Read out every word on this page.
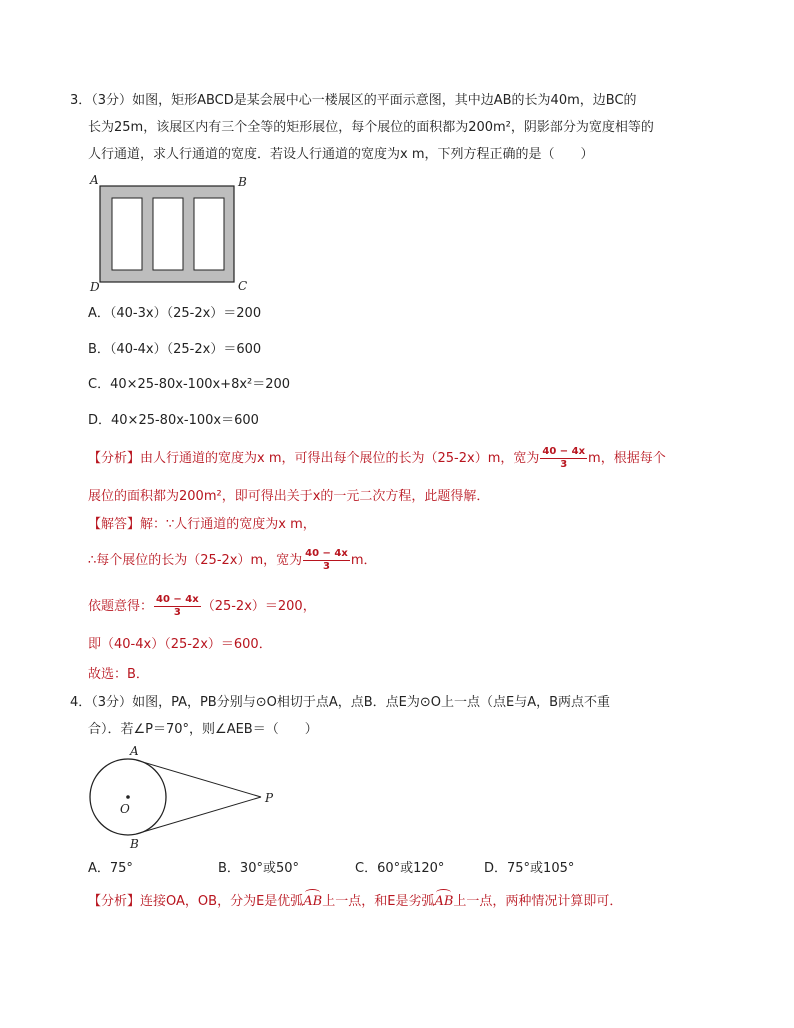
3．（3分）如图，矩形ABCD是某会展中心一楼展区的平面示意图，其中边AB的长为40m，边BC的
长为25m，该展区内有三个全等的矩形展位，每个展位的面积都为200m²，阴影部分为宽度相等的
人行通道，求人行通道的宽度．若设人行通道的宽度为x m，下列方程正确的是（　　）
A	B
D	C
A．（40-3x）（25-2x）＝200
B．（40-4x）（25-2x）＝600
C．40×25-80x-100x+8x²＝200
D．40×25-80x-100x＝600
【分析】由人行通道的宽度为x m，可得出每个展位的长为（25-2x）m，宽为 $\frac{40 - 4x}{3}$ m，根据每个
展位的面积都为200m²，即可得出关于x的一元二次方程，此题得解．
【解答】解：∵人行通道的宽度为x m，
∴每个展位的长为（25-2x）m，宽为 $\frac{40 - 4x}{3}$ m．
依题意得： $\frac{40 - 4x}{3} (25-2x)=200$，
即（40-4x）（25-2x）＝600．
故选：B．
4．（3分）如图，PA，PB分别与⊙O相切于点A，点B．点E为⊙O上一点（点E与A，B两点不重
合）．若∠P＝70°，则∠AEB＝（　　）
A
O
P
B
A．75°	B．30°或50°	C．60°或120°	D．75°或105°
【分析】连接OA，OB，分为E是优弧AB上一点，和E是劣弧AB上一点，两种情况计算即可．
